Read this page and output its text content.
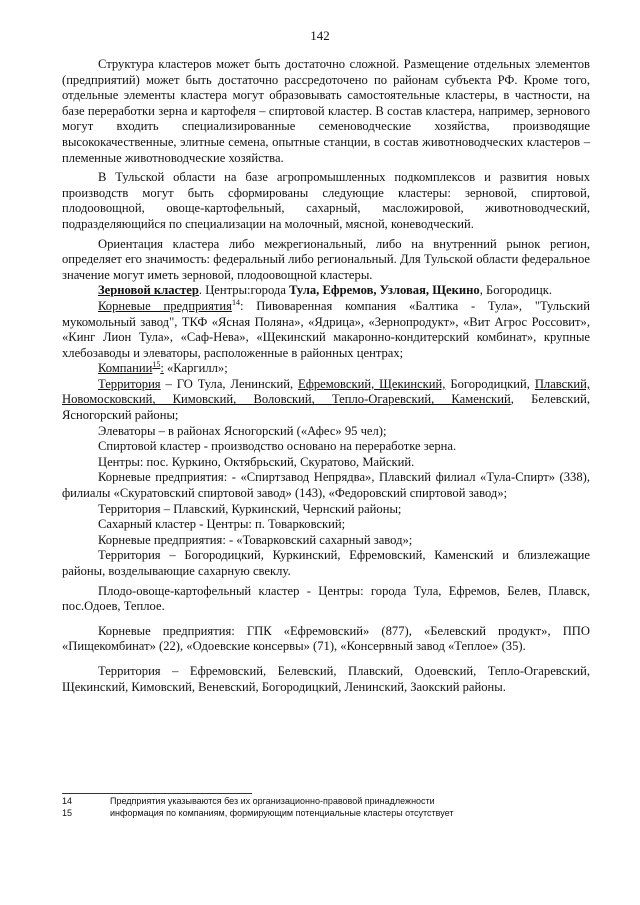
142

Структура кластеров может быть достаточно сложной. Размещение отдельных элементов (предприятий) может быть достаточно рассредоточено по районам субъекта РФ. Кроме того, отдельные элементы кластера могут образовывать самостоятельные кластеры, в частности, на базе переработки зерна и картофеля – спиртовой кластер. В состав кластера, например, зернового могут входить специализированные семеноводческие хозяйства, производящие высококачественные, элитные семена, опытные станции, в состав животноводческих кластеров – племенные животноводческие хозяйства.

В Тульской области на базе агропромышленных подкомплексов и развития новых производств могут быть сформированы следующие кластеры: зерновой, спиртовой, плодоовощной, овоще-картофельный, сахарный, масложировой, животноводческий, подразделяющийся по специализации на молочный, мясной, коневодческий.

Ориентация кластера либо межрегиональный, либо на внутренний рынок регион, определяет его значимость: федеральный либо региональный. Для Тульской области федеральное значение могут иметь зерновой, плодоовощной кластеры.

Зерновой кластер. Центры:города Тула, Ефремов, Узловая, Щекино, Богородицк.

Корневые предприятия$^{14}$: Пивоваренная компания «Балтика - Тула», "Тульский мукомольный завод", ТКФ «Ясная Поляна», «Ядрица», «Зернопродукт», «Вит Агрос Россовит», «Кинг Лион Тула», «Саф-Нева», «Щекинский макаронно-кондитерский комбинат», крупные хлебозаводы и элеваторы, расположенные в районных центрах;

Компании$^{15}$: «Каргилл»;

Территория – ГО Тула, Ленинский, Ефремовский, Щекинский, Богородицкий, Плавский, Новомосковский, Кимовский, Воловский, Тепло-Огаревский, Каменский, Белевский, Ясногорский районы;

Элеваторы – в районах Ясногорский («Афес» 95 чел);

Спиртовой кластер - производство основано на переработке зерна.

Центры: пос. Куркино, Октябрьский, Скуратово, Майский.

Корневые предприятия: - «Спиртзавод Непрядва», Плавский филиал «Тула-Спирт» (338), филиалы «Скуратовский спиртовой завод» (143), «Федоровский спиртовой завод»;

Территория – Плавский, Куркинский, Чернский районы;

Сахарный кластер - Центры: п. Товарковский;

Корневые предприятия: - «Товарковский сахарный завод»;

Территория – Богородицкий, Куркинский, Ефремовский, Каменский и близлежащие районы, возделывающие сахарную свеклу.

Плодо-овоще-картофельный кластер - Центры: города Тула, Ефремов, Белев, Плавск, пос.Одоев, Теплое.

Корневые предприятия: ГПК «Ефремовский» (877), «Белевский продукт», ППО «Пищекомбинат» (22), «Одоевские консервы» (71), «Консервный завод «Теплое» (35).

Территория – Ефремовский, Белевский, Плавский, Одоевский, Тепло-Огаревский, Щекинский, Кимовский, Веневский, Богородицкий, Ленинский, Заокский районы.

14	Предприятия указываются без их организационно-правовой принадлежности
15	информация по компаниям, формирующим потенциальные кластеры отсутствует
